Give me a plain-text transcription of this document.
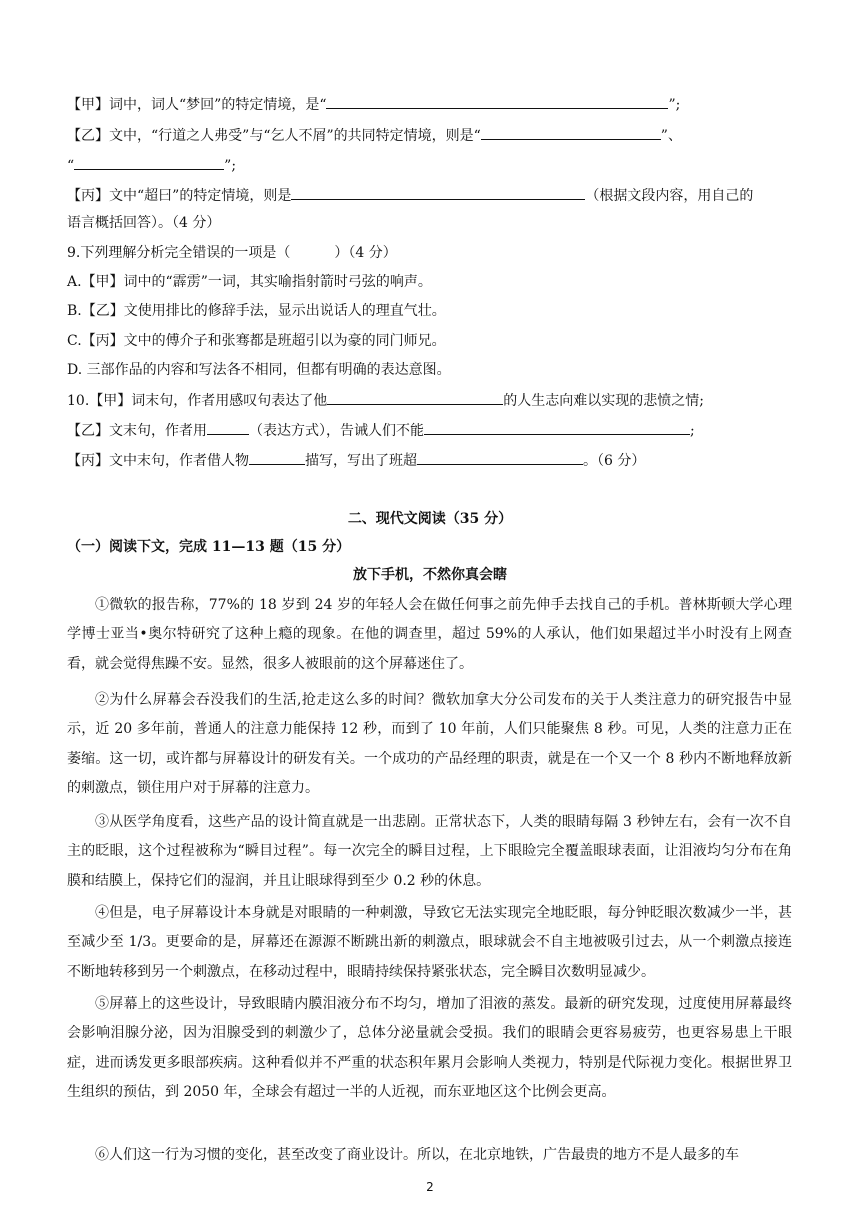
【甲】词中，词人“梦回”的特定情境，是“	”;
【乙】文中，“行道之人弗受”与“乞人不屑”的共同特定情境，则是“	”、
“	”;
【丙】文中“超曰”的特定情境，则是	（根据文段内容，用自己的
语言概括回答）。（4 分）
9.下列理解分析完全错误的一项是（	）（4 分）
A.【甲】词中的“霹雳”一词，其实喻指射箭时弓弦的响声。
B.【乙】文使用排比的修辞手法，显示出说话人的理直气壮。
C.【丙】文中的傅介子和张骞都是班超引以为豪的同门师兄。
D. 三部作品的内容和写法各不相同，但都有明确的表达意图。
10.【甲】词末句，作者用感叹句表达了他	的人生志向难以实现的悲愤之情;
【乙】文末句，作者用	（表达方式），告诫人们不能	;
【丙】文中末句，作者借人物	描写，写出了班超	。（6 分）
二、现代文阅读（35 分）
（一）阅读下文，完成 11—13 题（15 分）
放下手机，不然你真会瞎
①微软的报告称，77%的 18 岁到 24 岁的年轻人会在做任何事之前先伸手去找自己的手机。普林斯顿大学心理学博士亚当•奥尔特研究了这种上瘾的现象。在他的调查里，超过 59%的人承认，他们如果超过半小时没有上网查看，就会觉得焦躁不安。显然，很多人被眼前的这个屏幕迷住了。
②为什么屏幕会吞没我们的生活,抢走这么多的时间？微软加拿大分公司发布的关于人类注意力的研究报告中显示，近 20 多年前，普通人的注意力能保持 12 秒，而到了 10 年前，人们只能聚焦 8 秒。可见，人类的注意力正在萎缩。这一切，或许都与屏幕设计的研发有关。一个成功的产品经理的职责，就是在一个又一个 8 秒内不断地释放新的刺激点，锁住用户对于屏幕的注意力。
③从医学角度看，这些产品的设计简直就是一出悲剧。正常状态下，人类的眼睛每隔 3 秒钟左右，会有一次不自主的眨眼，这个过程被称为“瞬目过程”。每一次完全的瞬目过程，上下眼睑完全覆盖眼球表面，让泪液均匀分布在角膜和结膜上，保持它们的湿润，并且让眼球得到至少 0.2 秒的休息。
④但是，电子屏幕设计本身就是对眼睛的一种刺激，导致它无法实现完全地眨眼，每分钟眨眼次数减少一半，甚至减少至 1/3。更要命的是，屏幕还在源源不断跳出新的刺激点，眼球就会不自主地被吸引过去，从一个刺激点接连不断地转移到另一个刺激点，在移动过程中，眼睛持续保持紧张状态，完全瞬目次数明显减少。
⑤屏幕上的这些设计，导致眼睛内膜泪液分布不均匀，增加了泪液的蒸发。最新的研究发现，过度使用屏幕最终会影响泪腺分泌，因为泪腺受到的刺激少了，总体分泌量就会受损。我们的眼睛会更容易疲劳，也更容易患上干眼症，进而诱发更多眼部疾病。这种看似并不严重的状态积年累月会影响人类视力，特别是代际视力变化。根据世界卫生组织的预估，到 2050 年，全球会有超过一半的人近视，而东亚地区这个比例会更高。
⑥人们这一行为习惯的变化，甚至改变了商业设计。所以，在北京地铁，广告最贵的地方不是人最多的车
2
